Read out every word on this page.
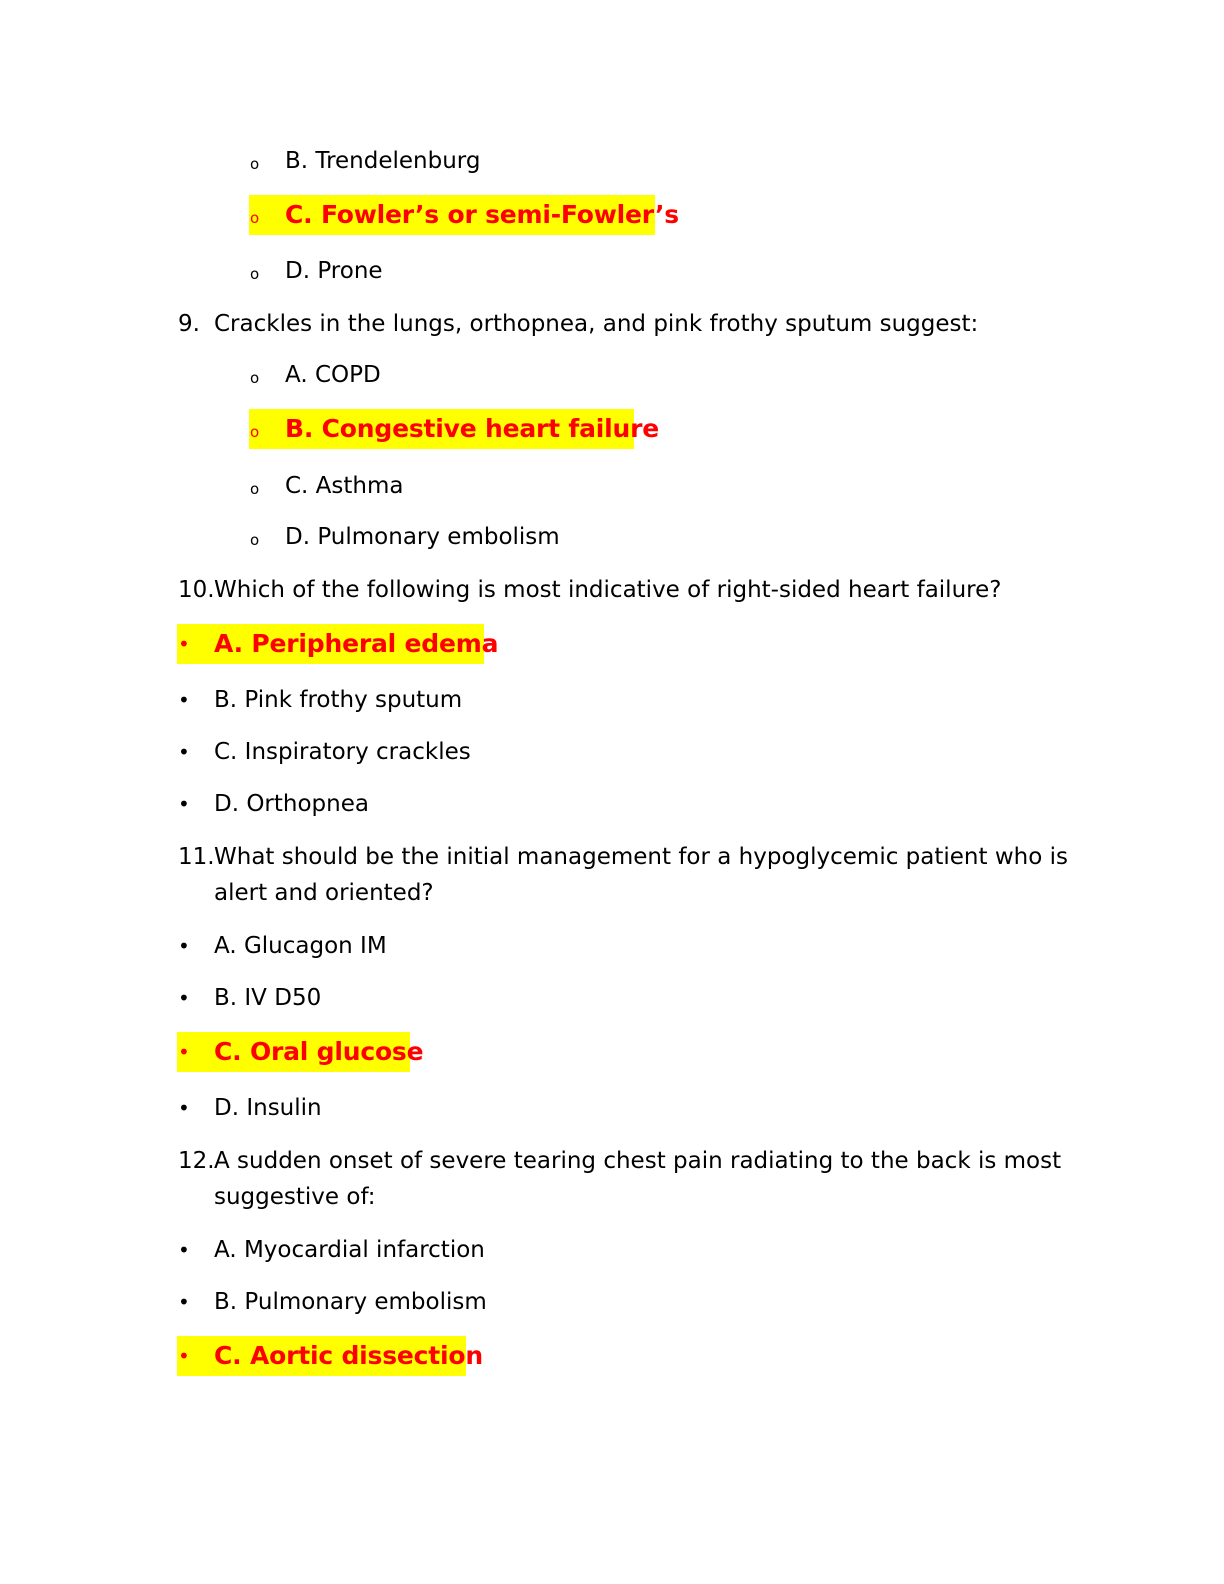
o B. Trendelenburg
o C. Fowler’s or semi-Fowler’s
o D. Prone
9. Crackles in the lungs, orthopnea, and pink frothy sputum suggest:
o A. COPD
o B. Congestive heart failure
o C. Asthma
o D. Pulmonary embolism
10. Which of the following is most indicative of right-sided heart failure?
• A. Peripheral edema
• B. Pink frothy sputum
• C. Inspiratory crackles
• D. Orthopnea
11. What should be the initial management for a hypoglycemic patient who is
alert and oriented?
• A. Glucagon IM
• B. IV D50
• C. Oral glucose
• D. Insulin
12. A sudden onset of severe tearing chest pain radiating to the back is most
suggestive of:
• A. Myocardial infarction
• B. Pulmonary embolism
• C. Aortic dissection
